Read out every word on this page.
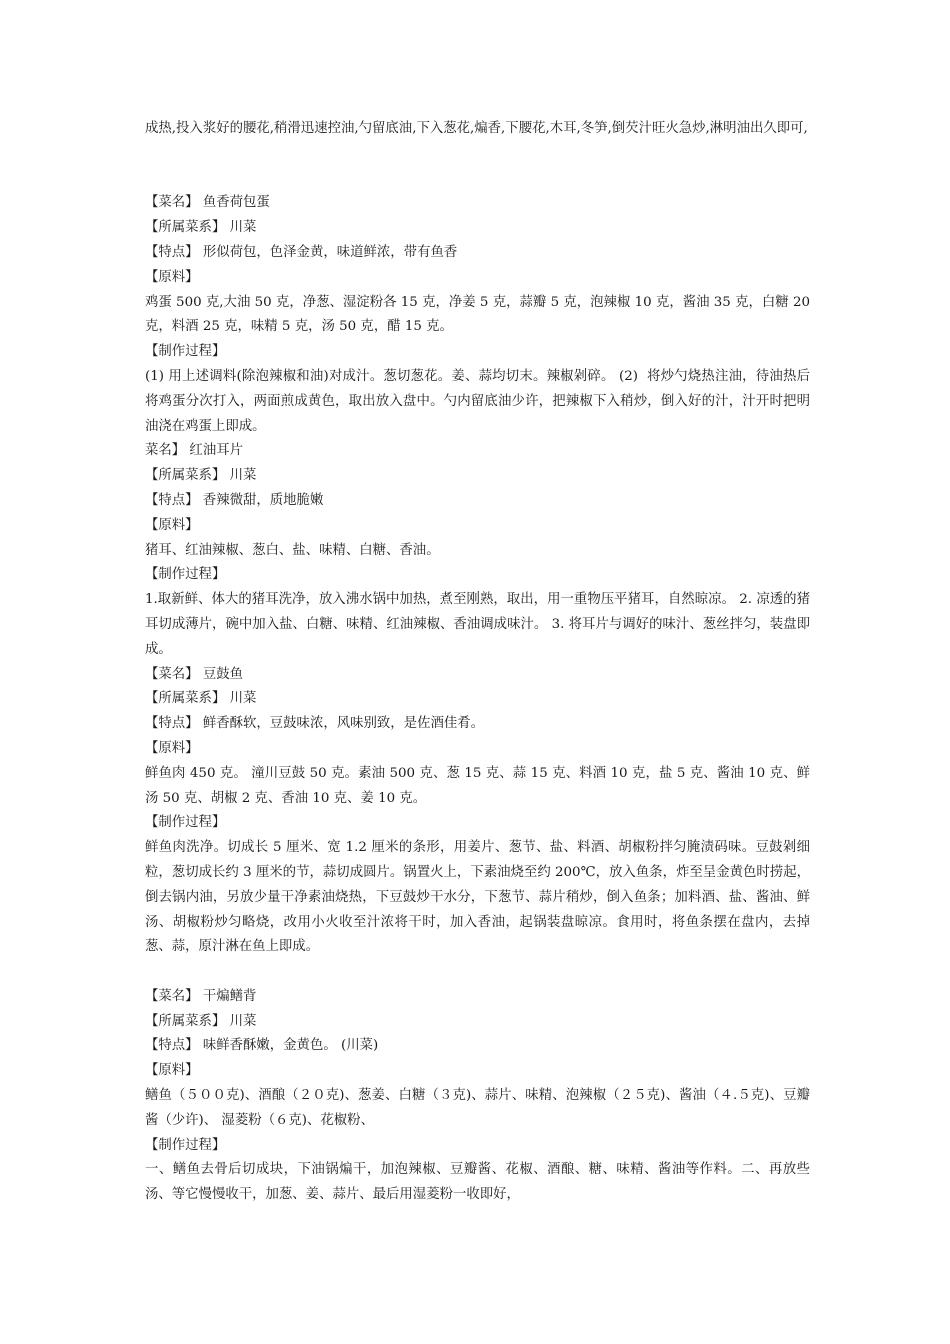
成热,投入浆好的腰花,稍滑迅速控油,勺留底油,下入葱花,煸香,下腰花,木耳,冬笋,倒芡汁旺火急炒,淋明油出久即可,
【菜名】 鱼香荷包蛋
【所属菜系】 川菜
【特点】 形似荷包，色泽金黄，味道鲜浓，带有鱼香
【原料】
鸡蛋 500 克,大油 50 克，净葱、湿淀粉各 15 克，净姜 5 克，蒜瓣 5 克，泡辣椒 10 克，酱油 35 克，白糖 20 克，料酒 25 克，味精 5 克，汤 50 克，醋 15 克。
【制作过程】
(1) 用上述调料(除泡辣椒和油)对成汁。葱切葱花。姜、蒜均切末。辣椒剁碎。 (2)  将炒勺烧热注油，待油热后将鸡蛋分次打入，两面煎成黄色，取出放入盘中。勺内留底油少许，把辣椒下入稍炒，倒入好的汁，汁开时把明油浇在鸡蛋上即成。
菜名】 红油耳片
【所属菜系】 川菜
【特点】 香辣微甜，质地脆嫩
【原料】
猪耳、红油辣椒、葱白、盐、味精、白糖、香油。
【制作过程】
1.取新鲜、体大的猪耳洗净，放入沸水锅中加热，煮至刚熟，取出，用一重物压平猪耳，自然晾凉。 2. 凉透的猪耳切成薄片，碗中加入盐、白糖、味精、红油辣椒、香油调成味汁。 3. 将耳片与调好的味汁、葱丝拌匀，装盘即成。
【菜名】 豆鼓鱼
【所属菜系】 川菜
【特点】 鲜香酥软，豆鼓味浓，风味别致，是佐酒佳肴。
【原料】
鲜鱼肉 450 克。 潼川豆鼓 50 克。素油 500 克、葱 15 克、蒜 15 克、料酒 10 克，盐 5 克、酱油 10 克、鲜汤 50 克、胡椒 2 克、香油 10 克、姜 10 克。
【制作过程】
鲜鱼肉洗净。切成长 5 厘米、宽 1.2 厘米的条形，用姜片、葱节、盐、料酒、胡椒粉拌匀腌渍码味。豆鼓剁细粒，葱切成长约 3 厘米的节，蒜切成圆片。锅置火上，下素油烧至约 200℃，放入鱼条，炸至呈金黄色时捞起，倒去锅内油，另放少量干净素油烧热，下豆鼓炒干水分，下葱节、蒜片稍炒，倒入鱼条；加料酒、盐、酱油、鲜汤、胡椒粉炒匀略烧，改用小火收至汁浓将干时，加入香油，起锅装盘晾凉。食用时，将鱼条摆在盘内，去掉葱、蒜，原汁淋在鱼上即成。
【菜名】 干煸鳝背
【所属菜系】 川菜
【特点】 味鲜香酥嫩，金黄色。 (川菜)
【原料】
鳝鱼（５００克)、酒酿（２０克)、葱姜、白糖（３克)、蒜片、味精、泡辣椒（２５克)、酱油（４.５克)、豆瓣酱（少许)、 湿菱粉（６克)、花椒粉、
【制作过程】
一、鳝鱼去骨后切成块，下油锅煸干，加泡辣椒、豆瓣酱、花椒、酒酿、糖、味精、酱油等作料。二、再放些汤、等它慢慢收干，加葱、姜、蒜片、最后用湿菱粉一收即好，
